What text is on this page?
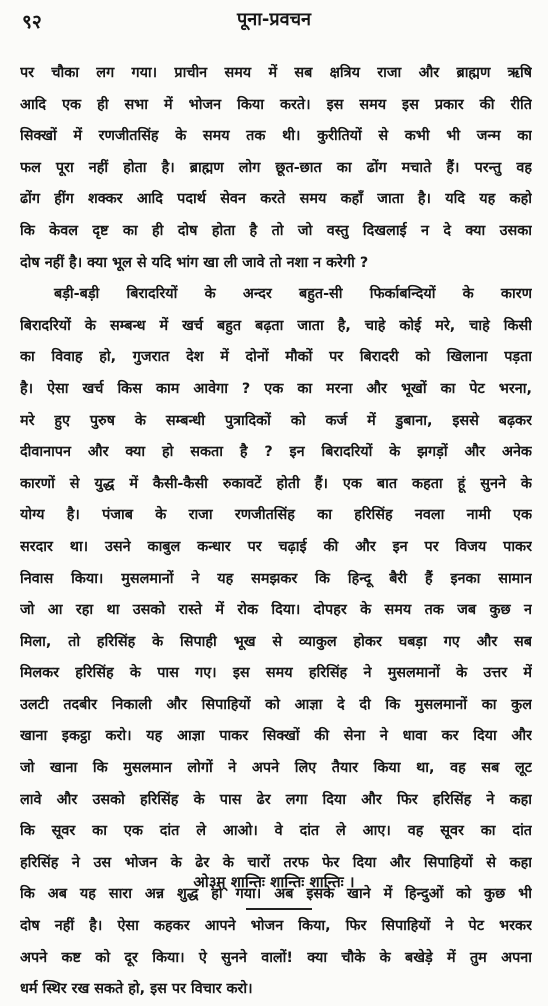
९२	पूना-प्रवचन
पर चौका लग गया। प्राचीन समय में सब क्षत्रिय राजा और ब्राह्मण ऋषि
आदि एक ही सभा में भोजन किया करते। इस समय इस प्रकार की रीति
सिक्खों में रणजीतसिंह के समय तक थी। कुरीतियों से कभी भी जन्म का
फल पूरा नहीं होता है। ब्राह्मण लोग छूत-छात का ढोंग मचाते हैं। परन्तु वह
ढोंग हींग शक्कर आदि पदार्थ सेवन करते समय कहाँ जाता है। यदि यह कहो
कि केवल दृष्ट का ही दोष होता है तो जो वस्तु दिखलाई न दे क्या उसका
दोष नहीं है। क्या भूल से यदि भांग खा ली जावे तो नशा न करेगी ?
बड़ी-बड़ी बिरादरियों के अन्दर बहुत-सी फिर्काबन्दियों के कारण
बिरादरियों के सम्बन्ध में खर्च बहुत बढ़ता जाता है, चाहे कोई मरे, चाहे किसी
का विवाह हो, गुजरात देश में दोनों मौकों पर बिरादरी को खिलाना पड़ता
है। ऐसा खर्च किस काम आवेगा ? एक का मरना और भूखों का पेट भरना,
मरे हुए पुरुष के सम्बन्धी पुत्रादिकों को कर्ज में डुबाना, इससे बढ़कर
दीवानापन और क्या हो सकता है ? इन बिरादरियों के झगड़ों और अनेक
कारणों से युद्ध में कैसी-कैसी रुकावटें होती हैं। एक बात कहता हूं सुनने के
योग्य है। पंजाब के राजा रणजीतसिंह का हरिसिंह नवला नामी एक
सरदार था। उसने काबुल कन्धार पर चढ़ाई की और इन पर विजय पाकर
निवास किया। मुसलमानों ने यह समझकर कि हिन्दू बैरी हैं इनका सामान
जो आ रहा था उसको रास्ते में रोक दिया। दोपहर के समय तक जब कुछ न
मिला, तो हरिसिंह के सिपाही भूख से व्याकुल होकर घबड़ा गए और सब
मिलकर हरिसिंह के पास गए। इस समय हरिसिंह ने मुसलमानों के उत्तर में
उलटी तदबीर निकाली और सिपाहियों को आज्ञा दे दी कि मुसलमानों का कुल
खाना इकट्ठा करो। यह आज्ञा पाकर सिक्खों की सेना ने धावा कर दिया और
जो खाना कि मुसलमान लोगों ने अपने लिए तैयार किया था, वह सब लूट
लावे और उसको हरिसिंह के पास ढेर लगा दिया और फिर हरिसिंह ने कहा
कि सूवर का एक दांत ले आओ। वे दांत ले आए। वह सूवर का दांत
हरिसिंह ने उस भोजन के ढेर के चारों तरफ फेर दिया और सिपाहियों से कहा
कि अब यह सारा अन्न शुद्ध हो गया। अब इसके खाने में हिन्दुओं को कुछ भी
दोष नहीं है। ऐसा कहकर आपने भोजन किया, फिर सिपाहियों ने पेट भरकर
अपने कष्ट को दूर किया। ऐ सुनने वालों! क्या चौके के बखेड़े में तुम अपना
धर्म स्थिर रख सकते हो, इस पर विचार करो।
ओ३म् शान्तिः शान्तिः शान्तिः ।
